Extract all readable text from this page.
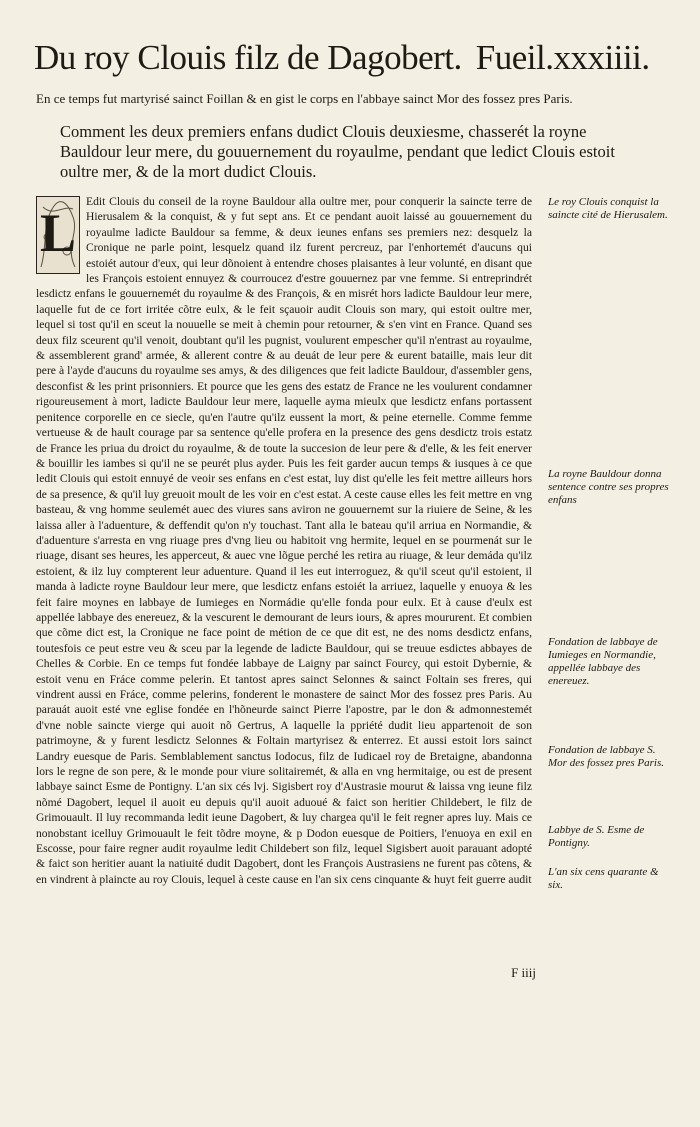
Du roy Clouis filz de Dagobert. Fueil.xxxiiii.
En ce temps fut martyrisé sainct Foillan & en gist le corps en l'abbaye sainct Mor des fossez pres Paris.
Comment les deux premiers enfans dudict Clouis deuxiesme, chasserét la royne Bauldour leur mere, du gouuernement du royaulme, pendant que ledict Clouis estoit oultre mer, & de la mort dudict Clouis.
L
Edit Clouis du conseil de la royne Bauldour alla oultre mer, pour conquerir la saincte terre de Hierusalem & la conquist, & y fut sept ans. Et ce pendant auoit laissé au gouuernement du royaulme ladicte Bauldour sa femme, & deux ieunes enfans ses premiers nez: desquelz la Cronique ne parle point, lesquelz quand ilz furent percreuz, par l'enhortemét d'aucuns qui estoiét autour d'eux, qui leur dõnoient à entendre choses plaisantes à leur volunté, en disant que les François estoient ennuyez & courroucez d'estre gouuernez par vne femme. Si entreprindrét lesdictz enfans le gouuernemét du royaulme & des François, & en misrét hors ladicte Bauldour leur mere, laquelle fut de ce fort irritée cõtre eulx, & le feit sçauoir audit Clouis son mary, qui estoit oultre mer, lequel si tost qu'il en sceut la nouuelle se meit à chemin pour retourner, & s'en vint en France. Quand ses deux filz sceurent qu'il venoit, doubtant qu'il les pugnist, voulurent empescher qu'il n'entrast au royaulme, & assemblerent grand' armée, & allerent contre & au deuát de leur pere & eurent bataille, mais leur dit pere à l'ayde d'aucuns du royaulme ses amys, & des diligences que feit ladicte Bauldour, d'assembler gens, desconfist & les print prisonniers. Et pource que les gens des estatz de France ne les voulurent condamner rigoureusement à mort, ladicte Bauldour leur mere, laquelle ayma mieulx que lesdictz enfans portassent penitence corporelle en ce siecle, qu'en l'autre qu'ilz eussent la mort, & peine eternelle. Comme femme vertueuse & de hault courage par sa sentence qu'elle profera en la presence des gens desdictz trois estatz de France les priua du droict du royaulme, & de toute la succesion de leur pere & d'elle, & les feit enerver & bouillir les iambes si qu'il ne se peurét plus ayder. Puis les feit garder aucun temps & iusques à ce que ledit Clouis qui estoit ennuyé de veoir ses enfans en c'est estat, luy dist qu'elle les feit mettre ailleurs hors de sa presence, & qu'il luy greuoit moult de les voir en c'est estat. A ceste cause elles les feit mettre en vng basteau, & vng homme seulemét auec des viures sans aviron ne gouuernemt sur la riuiere de Seine, & les laissa aller à l'aduenture, & deffendit qu'on n'y touchast. Tant alla le bateau qu'il arriua en Normandie, & d'aduenture s'arresta en vng riuage pres d'vng lieu ou habitoit vng hermite, lequel en se pourmenát sur le riuage, disant ses heures, les apperceut, & auec vne lõgue perché les retira au riuage, & leur demáda qu'ilz estoient, & ilz luy compterent leur aduenture. Quand il les eut interroguez, & qu'il sceut qu'il estoient, il manda à ladicte royne Bauldour leur mere, que lesdictz enfans estoiét la arriuez, laquelle y enuoya & les feit faire moynes en labbaye de Iumieges en Normádie qu'elle fonda pour eulx. Et à cause d'eulx est appellée labbaye des enereuez, & la vescurent le demourant de leurs iours, & apres moururent. Et combien que cõme dict est, la Cronique ne face point de métion de ce que dit est, ne des noms desdictz enfans, toutesfois ce peut estre veu & sceu par la legende de ladicte Bauldour, qui se treuue esdictes abbayes de Chelles & Corbie. En ce temps fut fondée labbaye de Laigny par sainct Fourcy, qui estoit Dybernie, & estoit venu en Fráce comme pelerin. Et tantost apres sainct Selonnes & sainct Foltain ses freres, qui vindrent aussi en Fráce, comme pelerins, fonderent le monastere de sainct Mor des fossez pres Paris. Au parauát auoit esté vne eglise fondée en l'hõneurde sainct Pierre l'apostre, par le don & admonnestemét d'vne noble saincte vierge qui auoit nõ Gertrus, A laquelle la ppriété dudit lieu appartenoit de son patrimoyne, & y furent lesdictz Selonnes & Foltain martyrisez & enterrez. Et aussi estoit lors sainct Landry euesque de Paris. Semblablement sanctus Iodocus, filz de Iudicael roy de Bretaigne, abandonna lors le regne de son pere, & le monde pour viure solitairemét, & alla en vng hermitaige, ou est de present labbaye sainct Esme de Pontigny. L'an six cés lvj. Sigisbert roy d'Austrasie mourut & laissa vng ieune filz nõmé Dagobert, lequel il auoit eu depuis qu'il auoit aduoué & faict son heritier Childebert, le filz de Grimouault. Il luy recommanda ledit ieune Dagobert, & luy chargea qu'il le feit regner apres luy. Mais ce nonobstant icelluy Grimouault le feit tõdre moyne, & p Dodon euesque de Poitiers, l'enuoya en exil en Escosse, pour faire regner audit royaulme ledit Childebert son filz, lequel Sigisbert auoit parauant adopté & faict son heritier auant la natiuité dudit Dagobert, dont les François Austrasiens ne furent pas cõtens, & en vindrent à plaincte au roy Clouis, lequel à ceste cause en l'an six cens cinquante & huyt feit guerre audit
Le roy Clouis conquist la saincte cité de Hierusalem.
La royne Bauldour donna sentence contre ses propres enfans
Fondation de labbaye de Iumieges en Normandie, appellée labbaye des enereuez.
Fondation de labbaye S. Mor des fossez pres Paris.
Labbye de S. Esme de Pontigny.
L'an six cens quarante & six.
F iiij
